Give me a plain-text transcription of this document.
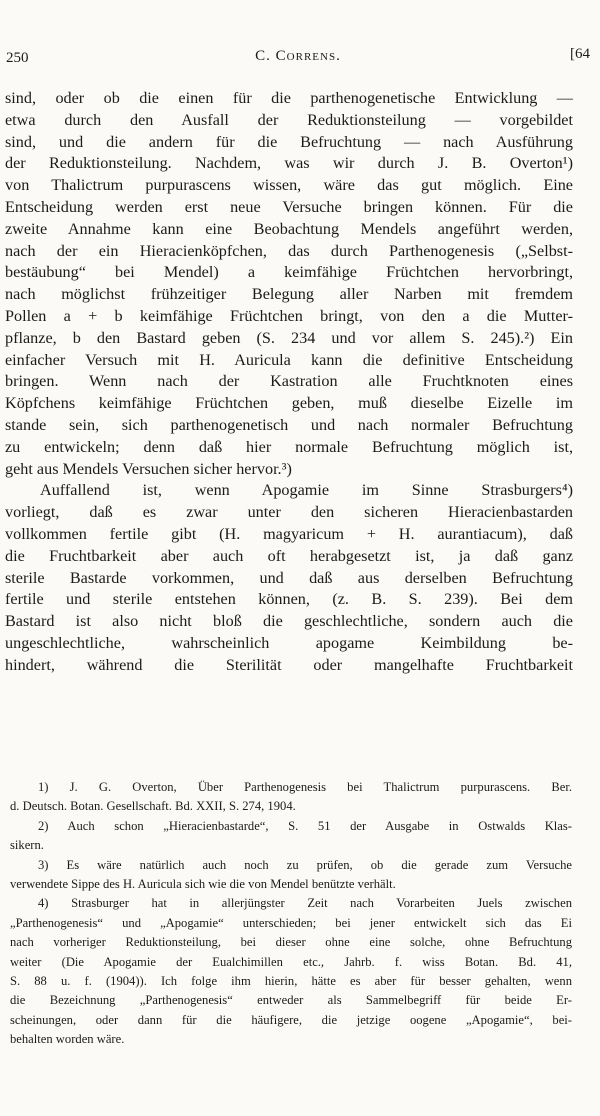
250	C. Correns.	[64
sind, oder ob die einen für die parthenogenetische Entwicklung —
etwa durch den Ausfall der Reduktionsteilung — vorgebildet
sind, und die andern für die Befruchtung — nach Ausführung
der Reduktionsteilung. Nachdem, was wir durch J. B. Overton¹)
von Thalictrum purpurascens wissen, wäre das gut möglich. Eine
Entscheidung werden erst neue Versuche bringen können. Für die
zweite Annahme kann eine Beobachtung Mendels angeführt werden,
nach der ein Hieracienköpfchen, das durch Parthenogenesis („Selbst-
bestäubung“ bei Mendel) a keimfähige Früchtchen hervorbringt,
nach möglichst frühzeitiger Belegung aller Narben mit fremdem
Pollen a + b keimfähige Früchtchen bringt, von den a die Mutter-
pflanze, b den Bastard geben (S. 234 und vor allem S. 245).²) Ein
einfacher Versuch mit H. Auricula kann die definitive Entscheidung
bringen. Wenn nach der Kastration alle Fruchtknoten eines
Köpfchens keimfähige Früchtchen geben, muß dieselbe Eizelle im
stande sein, sich parthenogenetisch und nach normaler Befruchtung
zu entwickeln; denn daß hier normale Befruchtung möglich ist,
geht aus Mendels Versuchen sicher hervor.³)
Auffallend ist, wenn Apogamie im Sinne Strasburgers⁴)
vorliegt, daß es zwar unter den sicheren Hieracienbastarden
vollkommen fertile gibt (H. magyaricum + H. aurantiacum), daß
die Fruchtbarkeit aber auch oft herabgesetzt ist, ja daß ganz
sterile Bastarde vorkommen, und daß aus derselben Befruchtung
fertile und sterile entstehen können, (z. B. S. 239). Bei dem
Bastard ist also nicht bloß die geschlechtliche, sondern auch die
ungeschlechtliche, wahrscheinlich apogame Keimbildung be-
hindert, während die Sterilität oder mangelhafte Fruchtbarkeit
1) J. G. Overton, Über Parthenogenesis bei Thalictrum purpurascens. Ber.
d. Deutsch. Botan. Gesellschaft. Bd. XXII, S. 274, 1904.
2) Auch schon „Hieracienbastarde“, S. 51 der Ausgabe in Ostwalds Klas-
sikern.
3) Es wäre natürlich auch noch zu prüfen, ob die gerade zum Versuche
verwendete Sippe des H. Auricula sich wie die von Mendel benützte verhält.
4) Strasburger hat in allerjüngster Zeit nach Vorarbeiten Juels zwischen
„Parthenogenesis“ und „Apogamie“ unterschieden; bei jener entwickelt sich das Ei
nach vorheriger Reduktionsteilung, bei dieser ohne eine solche, ohne Befruchtung
weiter (Die Apogamie der Eualchimillen etc., Jahrb. f. wiss Botan. Bd. 41,
S. 88 u. f. (1904)). Ich folge ihm hierin, hätte es aber für besser gehalten, wenn
die Bezeichnung „Parthenogenesis“ entweder als Sammelbegriff für beide Er-
scheinungen, oder dann für die häufigere, die jetzige oogene „Apogamie“, bei-
behalten worden wäre.
